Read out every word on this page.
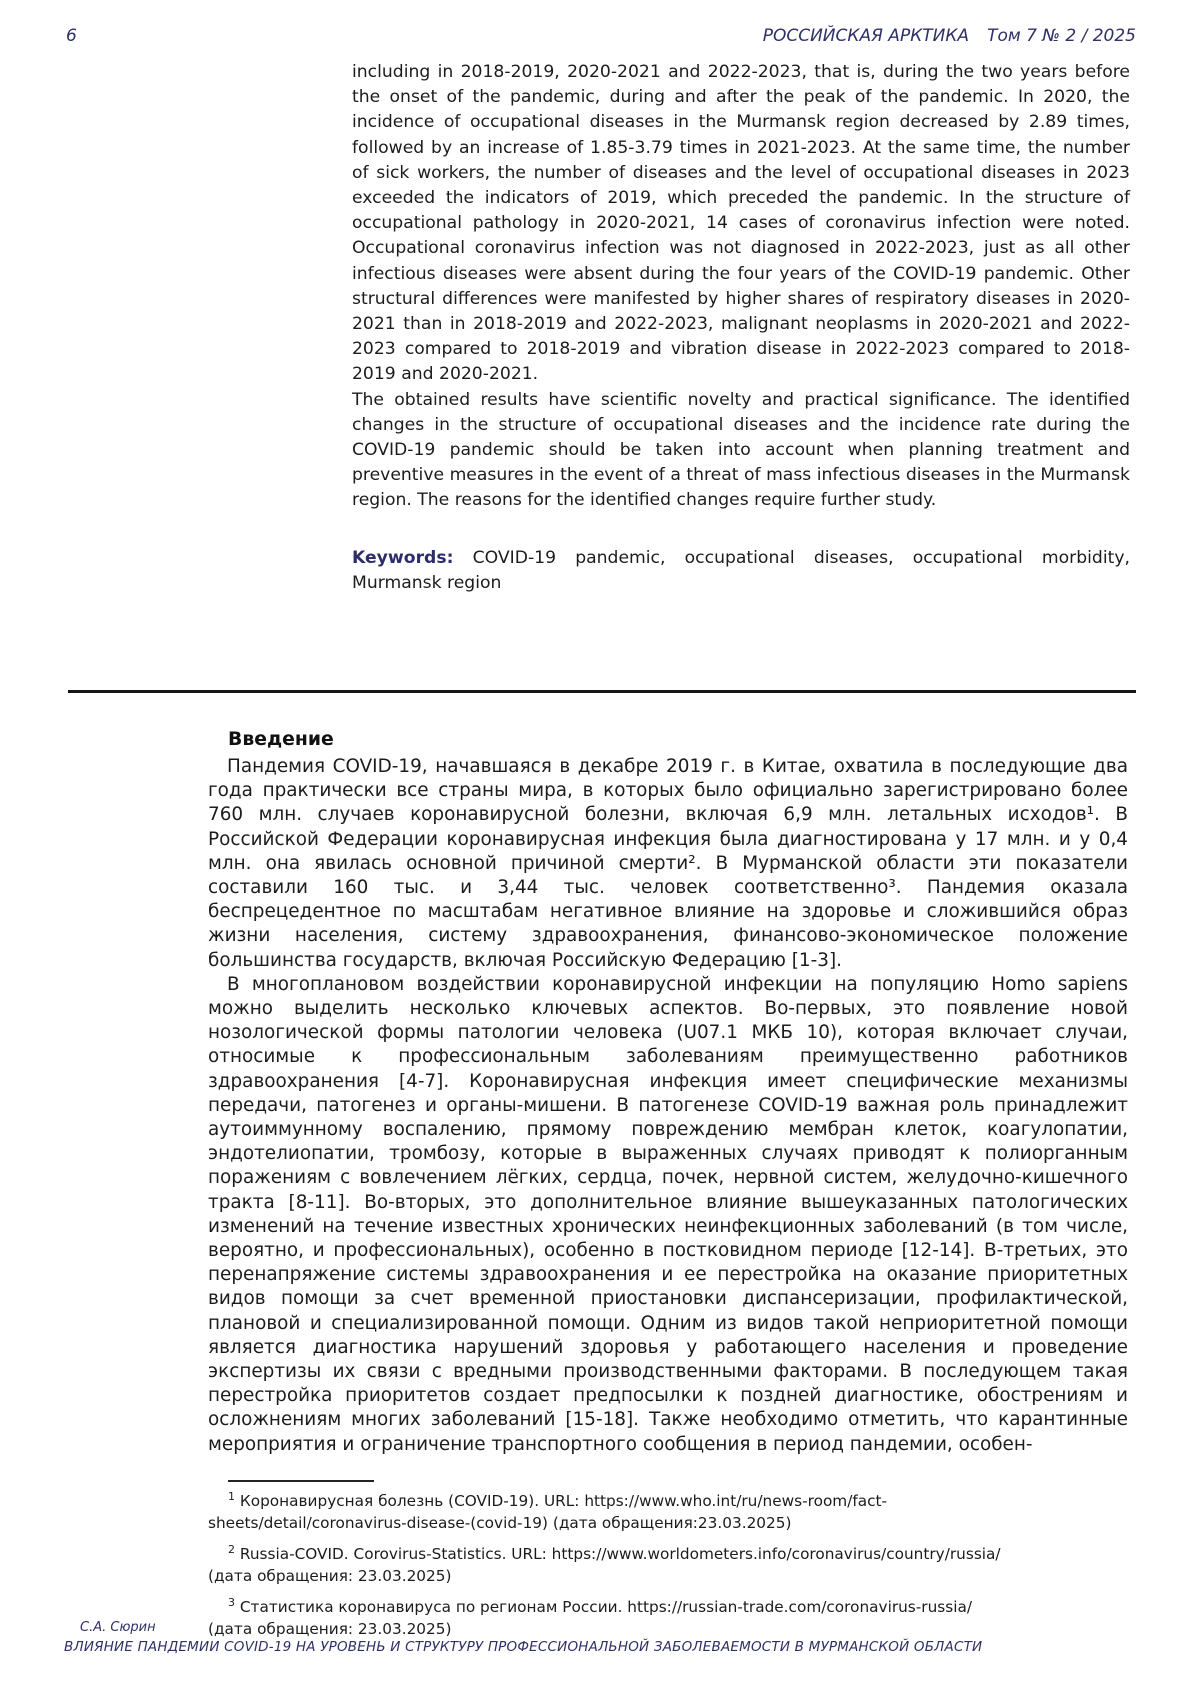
6	РОССИЙСКАЯ АРКТИКА Том 7 № 2 / 2025

including in 2018-2019, 2020-2021 and 2022-2023, that is, during the two years before the onset of the pandemic, during and after the peak of the pandemic. In 2020, the incidence of occupational diseases in the Murmansk region decreased by 2.89 times, followed by an increase of 1.85-3.79 times in 2021-2023. At the same time, the number of sick workers, the number of diseases and the level of occupational diseases in 2023 exceeded the indicators of 2019, which preceded the pandemic. In the structure of occupational pathology in 2020-2021, 14 cases of coronavirus infection were noted. Occupational coronavirus infection was not diagnosed in 2022-2023, just as all other infectious diseases were absent during the four years of the COVID-19 pandemic. Other structural differences were manifested by higher shares of respiratory diseases in 2020-2021 than in 2018-2019 and 2022-2023, malignant neoplasms in 2020-2021 and 2022-2023 compared to 2018-2019 and vibration disease in 2022-2023 compared to 2018-2019 and 2020-2021.

The obtained results have scientific novelty and practical significance. The identified changes in the structure of occupational diseases and the incidence rate during the COVID-19 pandemic should be taken into account when planning treatment and preventive measures in the event of a threat of mass infectious diseases in the Murmansk region. The reasons for the identified changes require further study.

Keywords: COVID-19 pandemic, occupational diseases, occupational morbidity, Murmansk region

Введение

Пандемия COVID-19, начавшаяся в декабре 2019 г. в Китае, охватила в последующие два года практически все страны мира, в которых было официально зарегистрировано более 760 млн. случаев коронавирусной болезни, включая 6,9 млн. летальных исходов¹. В Российской Федерации коронавирусная инфекция была диагностирована у 17 млн. и у 0,4 млн. она явилась основной причиной смерти². В Мурманской области эти показатели составили 160 тыс. и 3,44 тыс. человек соответственно³. Пандемия оказала беспрецедентное по масштабам негативное влияние на здоровье и сложившийся образ жизни населения, систему здравоохранения, финансово-экономическое положение большинства государств, включая Российскую Федерацию [1-3].

В многоплановом воздействии коронавирусной инфекции на популяцию Homo sapiens можно выделить несколько ключевых аспектов. Во-первых, это появление новой нозологической формы патологии человека (U07.1 МКБ 10), которая включает случаи, относимые к профессиональным заболеваниям преимущественно работников здравоохранения [4-7]. Коронавирусная инфекция имеет специфические механизмы передачи, патогенез и органы-мишени. В патогенезе COVID-19 важная роль принадлежит аутоиммунному воспалению, прямому повреждению мембран клеток, коагулопатии, эндотелиопатии, тромбозу, которые в выраженных случаях приводят к полиорганным поражениям с вовлечением лёгких, сердца, почек, нервной систем, желудочно-кишечного тракта [8-11]. Во-вторых, это дополнительное влияние вышеуказанных патологических изменений на течение известных хронических неинфекционных заболеваний (в том числе, вероятно, и профессиональных), особенно в постковидном периоде [12-14]. В-третьих, это перенапряжение системы здравоохранения и ее перестройка на оказание приоритетных видов помощи за счет временной приостановки диспансеризации, профилактической, плановой и специализированной помощи. Одним из видов такой неприоритетной помощи является диагностика нарушений здоровья у работающего населения и проведение экспертизы их связи с вредными производственными факторами. В последующем такая перестройка приоритетов создает предпосылки к поздней диагностике, обострениям и осложнениям многих заболеваний [15-18]. Также необходимо отметить, что карантинные мероприятия и ограничение транспортного сообщения в период пандемии, особен-

$^1$ Коронавирусная болезнь (COVID-19). URL: https://www.who.int/ru/news-room/fact-sheets/detail/coronavirus-disease-(covid-19) (дата обращения:23.03.2025)

$^2$ Russia-COVID. Corovirus-Statistics. URL: https://www.worldometers.info/coronavirus/country/russia/ (дата обращения: 23.03.2025)

$^3$ Статистика коронавируса по регионам России. https://russian-trade.com/coronavirus-russia/ (дата обращения: 23.03.2025)

С.А. Сюрин
ВЛИЯНИЕ ПАНДЕМИИ COVID-19 НА УРОВЕНЬ И СТРУКТУРУ ПРОФЕССИОНАЛЬНОЙ ЗАБОЛЕВАЕМОСТИ В МУРМАНСКОЙ ОБЛАСТИ
